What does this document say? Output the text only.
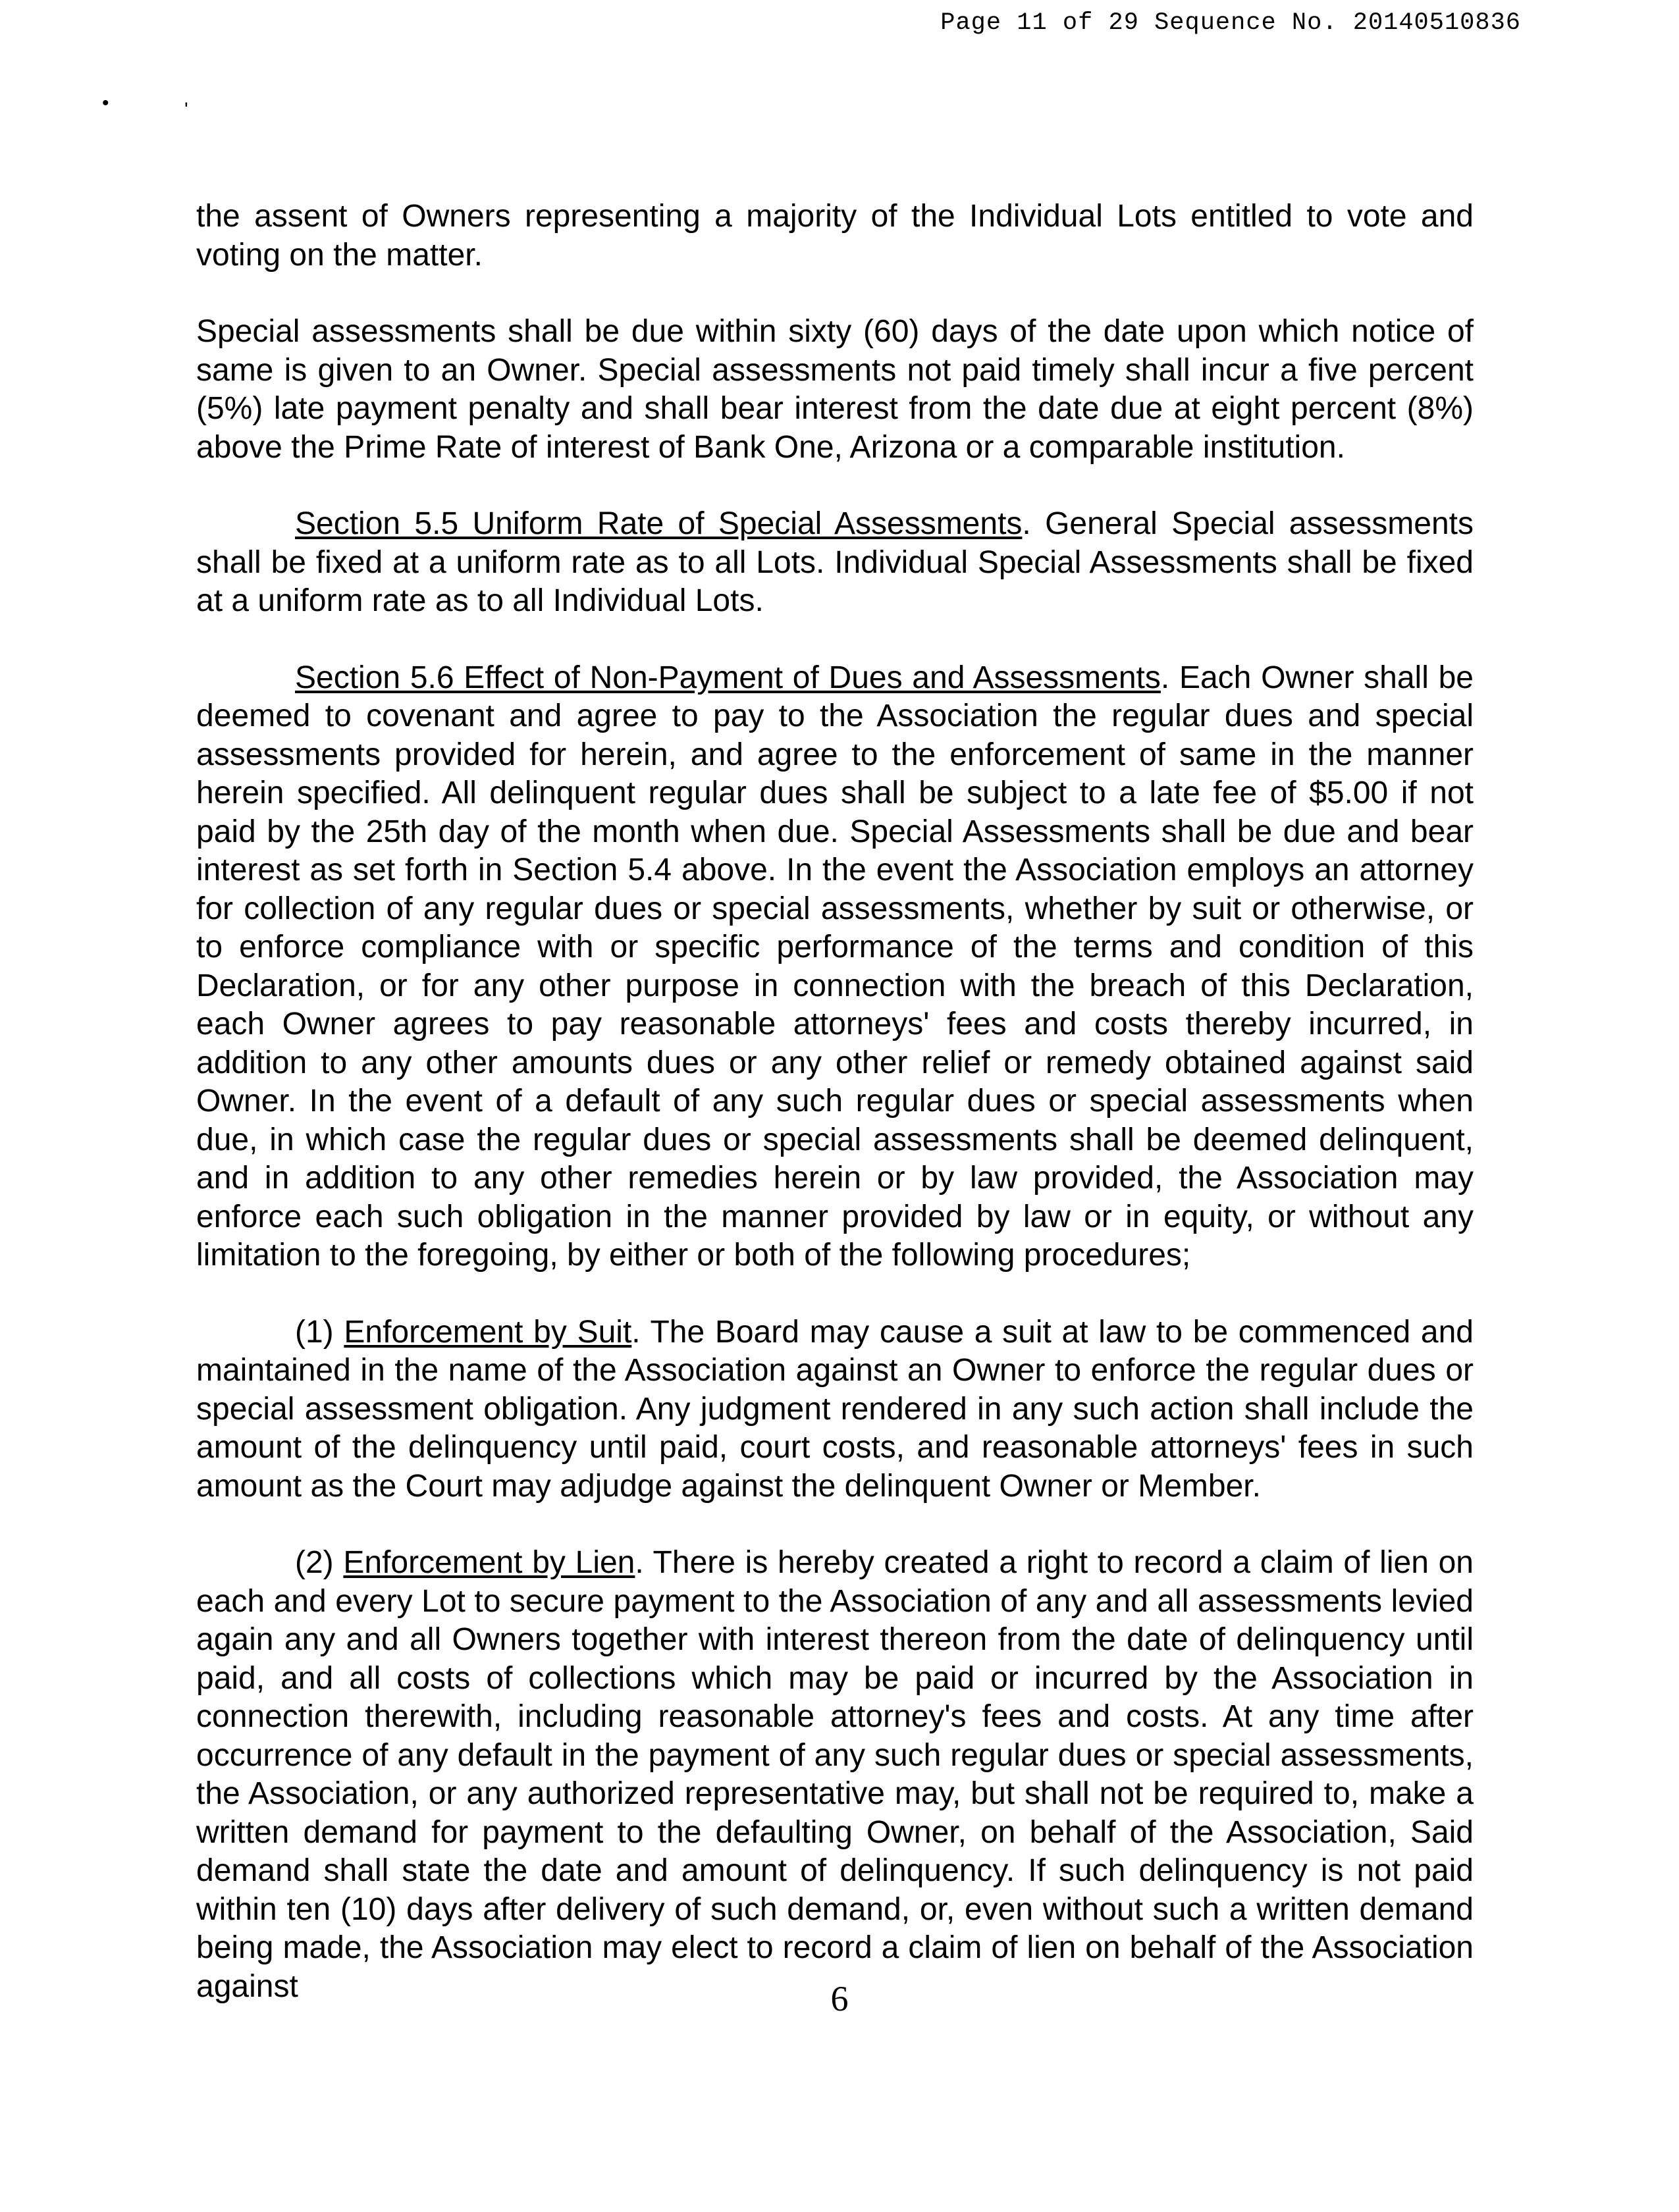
Page 11 of 29 Sequence No. 20140510836
•	ʹ

the assent of Owners representing a majority of the Individual Lots entitled to vote and voting on the matter.

Special assessments shall be due within sixty (60) days of the date upon which notice of same is given to an Owner. Special assessments not paid timely shall incur a five percent (5%) late payment penalty and shall bear interest from the date due at eight percent (8%) above the Prime Rate of interest of Bank One, Arizona or a comparable institution.

Section 5.5 Uniform Rate of Special Assessments. General Special assessments shall be fixed at a uniform rate as to all Lots. Individual Special Assessments shall be fixed at a uniform rate as to all Individual Lots.

Section 5.6 Effect of Non-Payment of Dues and Assessments. Each Owner shall be deemed to covenant and agree to pay to the Association the regular dues and special assessments provided for herein, and agree to the enforcement of same in the manner herein specified. All delinquent regular dues shall be subject to a late fee of $5.00 if not paid by the 25th day of the month when due. Special Assessments shall be due and bear interest as set forth in Section 5.4 above. In the event the Association employs an attorney for collection of any regular dues or special assessments, whether by suit or otherwise, or to enforce compliance with or specific performance of the terms and condition of this Declaration, or for any other purpose in connection with the breach of this Declaration, each Owner agrees to pay reasonable attorneys' fees and costs thereby incurred, in addition to any other amounts dues or any other relief or remedy obtained against said Owner. In the event of a default of any such regular dues or special assessments when due, in which case the regular dues or special assessments shall be deemed delinquent, and in addition to any other remedies herein or by law provided, the Association may enforce each such obligation in the manner provided by law or in equity, or without any limitation to the foregoing, by either or both of the following procedures;

(1) Enforcement by Suit. The Board may cause a suit at law to be commenced and maintained in the name of the Association against an Owner to enforce the regular dues or special assessment obligation. Any judgment rendered in any such action shall include the amount of the delinquency until paid, court costs, and reasonable attorneys' fees in such amount as the Court may adjudge against the delinquent Owner or Member.

(2) Enforcement by Lien. There is hereby created a right to record a claim of lien on each and every Lot to secure payment to the Association of any and all assessments levied again any and all Owners together with interest thereon from the date of delinquency until paid, and all costs of collections which may be paid or incurred by the Association in connection therewith, including reasonable attorney's fees and costs. At any time after occurrence of any default in the payment of any such regular dues or special assessments, the Association, or any authorized representative may, but shall not be required to, make a written demand for payment to the defaulting Owner, on behalf of the Association, Said demand shall state the date and amount of delinquency. If such delinquency is not paid within ten (10) days after delivery of such demand, or, even without such a written demand being made, the Association may elect to record a claim of lien on behalf of the Association against	6
